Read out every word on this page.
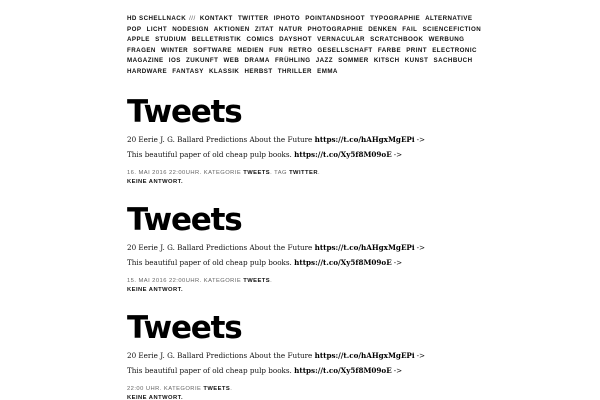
HD SCHELLNACK /// KONTAKT TWITTER IPHOTO POINTANDSHOOT TYPOGRAPHIE ALTERNATIVE POP LICHT NODESIGN AKTIONEN ZITAT NATUR PHOTOGRAPHIE DENKEN FAIL SCIENCEFICTION APPLE STUDIUM BELLETRISTIK COMICS DAYSHOT VERNACULAR SCRATCHBOOK WERBUNG FRAGEN WINTER SOFTWARE MEDIEN FUN RETRO GESELLSCHAFT FARBE PRINT ELECTRONIC MAGAZINE IOS ZUKUNFT WEB DRAMA FRÜHLING JAZZ SOMMER KITSCH KUNST SACHBUCH HARDWARE FANTASY KLASSIK HERBST THRILLER EMMA
Tweets

20 Eerie J. G. Ballard Predictions About the Future https://t.co/hAHgxMgEPi ->

This beautiful paper of old cheap pulp books. https://t.co/Xy5f8M09oE ->

16. MAI 2016 22:00UHR. KATEGORIE TWEETS. TAG TWITTER.
KEINE ANTWORT.
Tweets

20 Eerie J. G. Ballard Predictions About the Future https://t.co/hAHgxMgEPi ->

This beautiful paper of old cheap pulp books. https://t.co/Xy5f8M09oE ->

15. MAI 2016 22:00UHR. KATEGORIE TWEETS.
KEINE ANTWORT.
Tweets

20 Eerie J. G. Ballard Predictions About the Future https://t.co/hAHgxMgEPi ->

This beautiful paper of old cheap pulp books. https://t.co/Xy5f8M09oE ->

22:00 UHR. KATEGORIE TWEETS.
KEINE ANTWORT.
